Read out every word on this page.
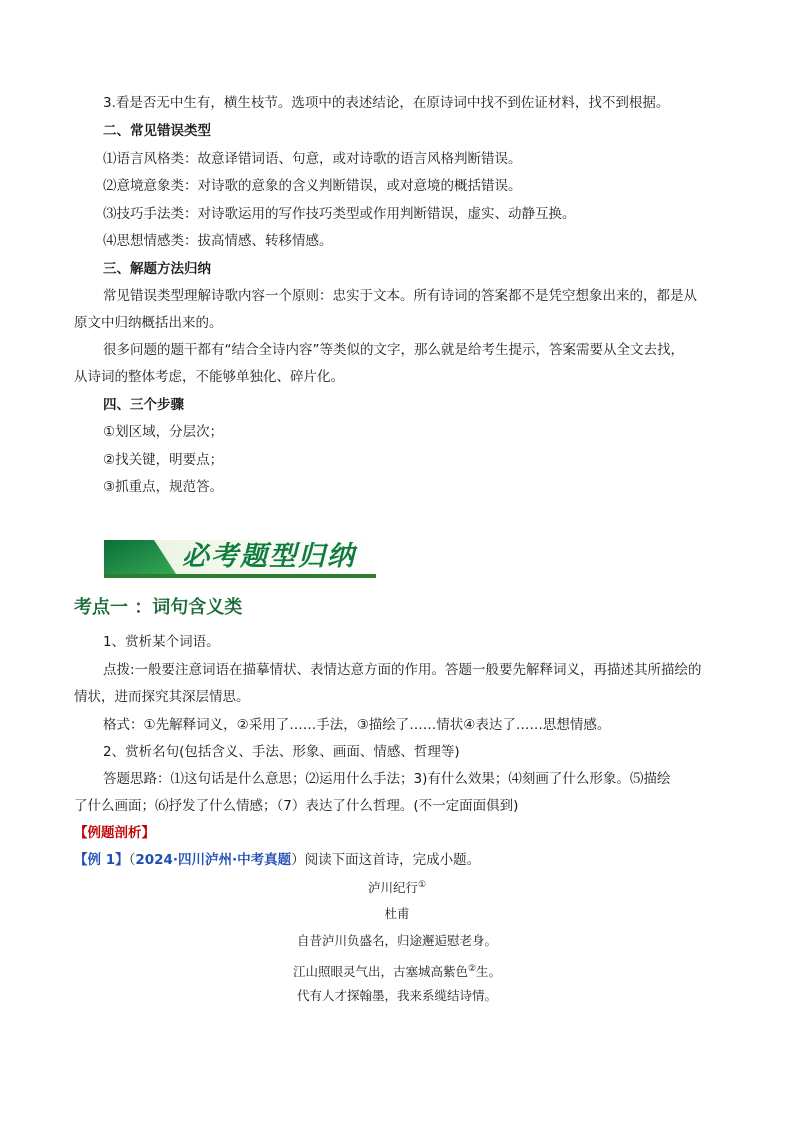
3.看是否无中生有，横生枝节。选项中的表述结论，在原诗词中找不到佐证材料，找不到根据。
二、常见错误类型
⑴语言风格类：故意译错词语、句意，或对诗歌的语言风格判断错误。
⑵意境意象类：对诗歌的意象的含义判断错误，或对意境的概括错误。
⑶技巧手法类：对诗歌运用的写作技巧类型或作用判断错误，虚实、动静互换。
⑷思想情感类：拔高情感、转移情感。
三、解题方法归纳
常见错误类型理解诗歌内容一个原则：忠实于文本。所有诗词的答案都不是凭空想象出来的，都是从
原文中归纳概括出来的。
很多问题的题干都有“结合全诗内容”等类似的文字，那么就是给考生提示，答案需要从全文去找，
从诗词的整体考虑，不能够单独化、碎片化。
四、三个步骤
①划区域，分层次；
②找关键，明要点；
③抓重点，规范答。
必考题型归纳
考点一 ：词句含义类
1、赏析某个词语。
点拨:一般要注意词语在描摹情状、表情达意方面的作用。答题一般要先解释词义，再描述其所描绘的
情状，进而探究其深层情思。
格式：①先解释词义，②采用了……手法，③描绘了……情状④表达了……思想情感。
2、赏析名句(包括含义、手法、形象、画面、情感、哲理等)
答题思路：⑴这句话是什么意思；⑵运用什么手法；3)有什么效果；⑷刻画了什么形象。⑸描绘
了什么画面；⑹抒发了什么情感；（7）表达了什么哲理。(不一定面面俱到)
【例题剖析】
【例 1】（2024·四川泸州·中考真题）阅读下面这首诗，完成小题。
泸川纪行①
杜甫
自昔泸川负盛名，归途邂逅慰老身。
江山照眼灵气出，古塞城高紫色②生。
代有人才探翰墨，我来系缆结诗情。
